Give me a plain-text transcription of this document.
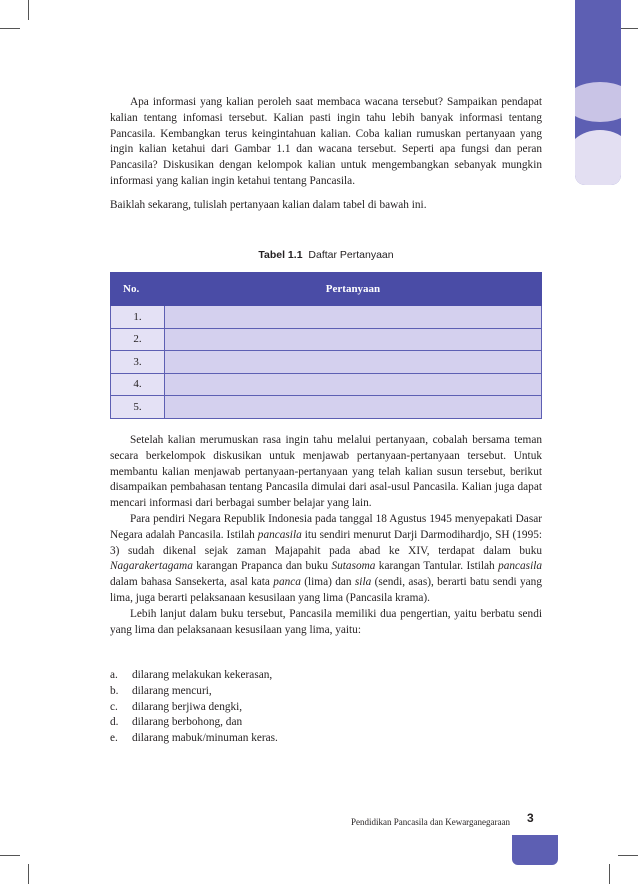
Apa informasi yang kalian peroleh saat membaca wacana tersebut? Sampaikan pendapat kalian tentang infomasi tersebut. Kalian pasti ingin tahu lebih banyak informasi tentang Pancasila. Kembangkan terus keingintahuan kalian. Coba kalian rumuskan pertanyaan yang ingin kalian ketahui dari Gambar 1.1 dan wacana tersebut. Seperti apa fungsi dan peran Pancasila? Diskusikan dengan kelompok kalian untuk mengembangkan sebanyak mungkin informasi yang kalian ingin ketahui tentang Pancasila.

Baiklah sekarang, tulislah pertanyaan kalian dalam tabel di bawah ini.

Tabel 1.1 Daftar Pertanyaan
No.	Pertanyaan
1.	
2.	
3.	
4.	
5.	

Setelah kalian merumuskan rasa ingin tahu melalui pertanyaan, cobalah bersama teman secara berkelompok diskusikan untuk menjawab pertanyaan-pertanyaan tersebut. Untuk membantu kalian menjawab pertanyaan-pertanyaan yang telah kalian susun tersebut, berikut disampaikan pembahasan tentang Pancasila dimulai dari asal-usul Pancasila. Kalian juga dapat mencari informasi dari berbagai sumber belajar yang lain.

Para pendiri Negara Republik Indonesia pada tanggal 18 Agustus 1945 menyepakati Dasar Negara adalah Pancasila. Istilah pancasila itu sendiri menurut Darji Darmodihardjo, SH (1995: 3) sudah dikenal sejak zaman Majapahit pada abad ke XIV, terdapat dalam buku Nagarakertagama karangan Prapanca dan buku Sutasoma karangan Tantular. Istilah pancasila dalam bahasa Sansekerta, asal kata panca (lima) dan sila (sendi, asas), berarti batu sendi yang lima, juga berarti pelaksanaan kesusilaan yang lima (Pancasila krama).

Lebih lanjut dalam buku tersebut, Pancasila memiliki dua pengertian, yaitu berbatu sendi yang lima dan pelaksanaan kesusilaan yang lima, yaitu:

a.	dilarang melakukan kekerasan,
b.	dilarang mencuri,
c.	dilarang berjiwa dengki,
d.	dilarang berbohong, dan
e.	dilarang mabuk/minuman keras.
Pendidikan Pancasila dan Kewarganegaraan 3
